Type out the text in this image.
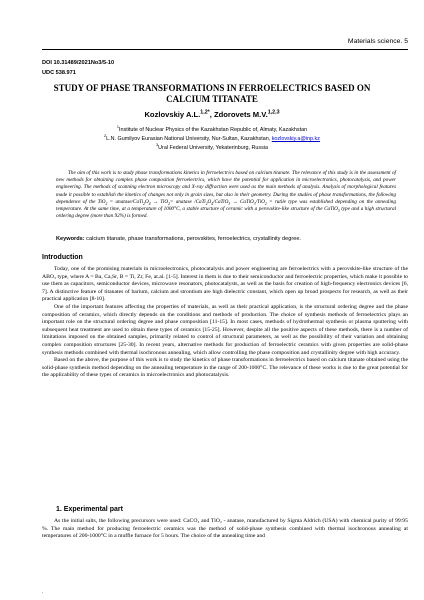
Materials science. 5
DOI 10.31489/2021No3/5-10
UDC 538.971
STUDY OF PHASE TRANSFORMATIONS IN FERROELECTRICS BASED ON CALCIUM TITANATE
Kozlovskiy A.L.$^{1,2*}$, Zdorovets M.V.$^{1,2,3}$
$^1$Institute of Nuclear Physics of the Kazakhstan Republic of, Almaty, Kazakhstan
$^2$L.N. Gumilyov Eurasian National University, Nur-Sultan, Kazakhstan, kozlovskiy.a@inp.kz
$^3$Ural Federal University, Yekaterinburg, Russia
The aim of this work is to study phase transformations kinetics in ferroelectrics based on calcium titanate. The relevance of this study is in the assessment of new methods for obtaining complex phase composition ferroelectrics, which have the potential for application in microelectronics, photocatalysis, and power engineering. The methods of scanning electron microscopy and X-ray diffraction were used as the main methods of analysis. Analysis of morphological features made it possible to establish the kinetics of changes not only in grain sizes, but also in their geometry. During the studies of phase transformations, the following dependence of the TiO$_2$ = anatase/$CaTi_2O_4 \to TiO_2=$ anatase $/CaTi_2O_4/CaTiO_3$ → CaTiO$_3$/TiO$_2$ = rutile type was established depending on the annealing temperature. At the same time, at a temperature of 1000°C, a stable structure of ceramic with a perovskite-like structure of the CaTiO$_3$ type and a high structural ordering degree (more than 92%) is formed.
Keywords: calcium titanate, phase transformations, perovskites, ferroelectrics, crystallinity degree.
Introduction

Today, one of the promising materials in microelectronics, photocatalysis and power engineering are ferroelectrics with a perovskite-like structure of the ABO₃ type, where A = Ba, Ca,Sr, B = Ti, Zr, Fe, at.al. [1-5]. Interest in them is due to their semiconductor and ferroelectric properties, which make it possible to use them as capacitors, semiconductor devices, microwave resonators, photocatalysts, as well as the basis for creation of high-frequency electronics devices [6, 7]. A distinctive feature of titanates of barium, calcium and strontium are high dielectric constant, which open up broad prospects for research, as well as their practical application [8-10].

One of the important features affecting the properties of materials, as well as their practical application, is the structural ordering degree and the phase composition of ceramics, which directly depends on the conditions and methods of production. The choice of synthesis methods of ferroelectrics plays an important role on the structural ordering degree and phase composition [11-15]. In most cases, methods of hydrothermal synthesis or plasma sputtering with subsequent heat treatment are used to obtain these types of ceramics [15-25]. However, despite all the positive aspects of these methods, there is a number of limitations imposed on the obtained samples, primarily related to control of structural parameters, as well as the possibility of their variation and obtaining complex composition structures [25-30]. In recent years, alternative methods for production of ferroelectric ceramics with given properties are solid-phase synthesis methods combined with thermal isochronous annealing, which allow controlling the phase composition and crystallinity degree with high accuracy.

Based on the above, the purpose of this work is to study the kinetics of phase transformations in ferroelectrics based on calcium titanate obtained using the solid-phase synthesis method depending on the annealing temperature in the range of 200-1000°C. The relevance of these works is due to the great potential for the applicability of these types of ceramics in microelectronics and photocatalysis.

1. Experimental part

As the initial salts, the following precursors were used: CaCO₃ and TiO₂ - anatase, manufactured by Sigma Aldrich (USA) with chemical purity of 99:95 %. The main method for producing ferroelectric ceramics was the method of solid-phase synthesis combined with thermal isochronous annealing at temperatures of 200-1000°C in a muffle furnace for 5 hours. The choice of the annealing time and

.
